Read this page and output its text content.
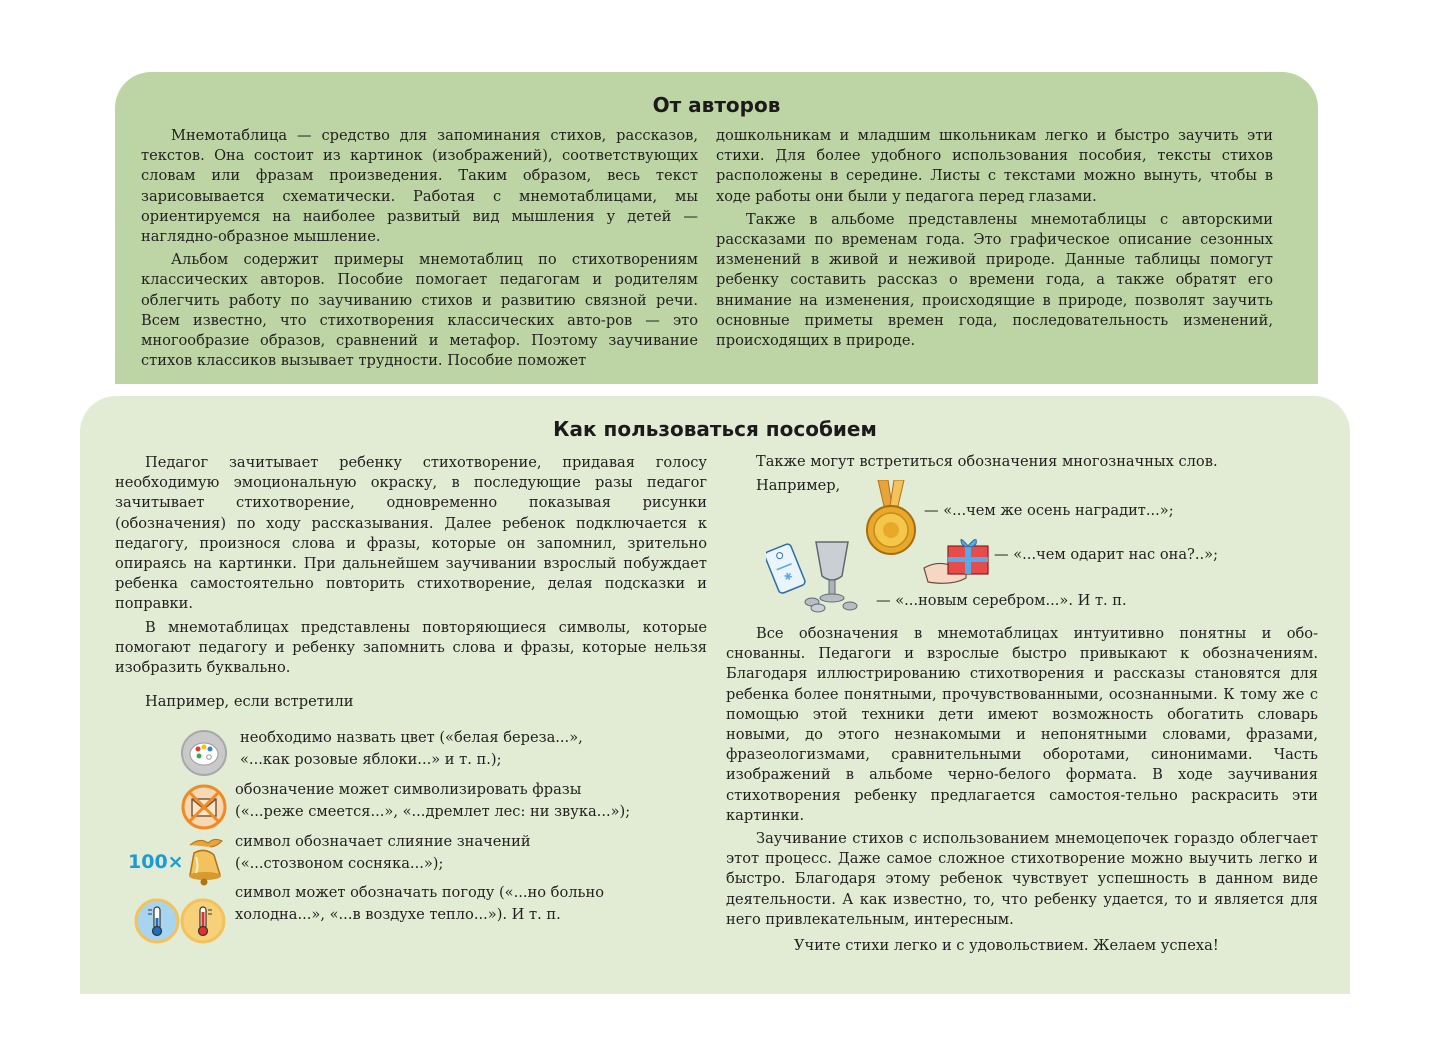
От авторов

Мнемотаблица — средство для запоминания стихов, рассказов, текстов. Она состоит из картинок (изображений), соответствующих словам или фразам произведения. Таким образом, весь текст зарисовывается схематически. Работая с мнемотаблицами, мы ориентируемся на наиболее развитый вид мышления у детей — наглядно-образное мышление.

Альбом содержит примеры мнемотаблиц по стихотворениям классических авторов. Пособие помогает педагогам и родителям облегчить работу по заучиванию стихов и развитию связной речи. Всем известно, что стихотворения классических авто-ров — это многообразие образов, сравнений и метафор. Поэтому заучивание стихов классиков вызывает трудности. Пособие поможет

дошкольникам и младшим школьникам легко и быстро заучить эти стихи. Для более удобного использования пособия, тексты стихов расположены в середине. Листы с текстами можно вынуть, чтобы в ходе работы они были у педагога перед глазами.

Также в альбоме представлены мнемотаблицы с авторскими рассказами по временам года. Это графическое описание сезонных изменений в живой и неживой природе. Данные таблицы помогут ребенку составить рассказ о времени года, а также обратят его внимание на изменения, происходящие в природе, позволят заучить основные приметы времен года, последовательность изменений, происходящих в природе.

Как пользоваться пособием

Педагог зачитывает ребенку стихотворение, придавая голосу необходимую эмоциональную окраску, в последующие разы педагог зачитывает стихотворение, одновременно показывая рисунки (обозначения) по ходу рассказывания. Далее ребенок подключается к педагогу, произнося слова и фразы, которые он запомнил, зрительно опираясь на картинки. При дальнейшем заучивании взрослый побуждает ребенка самостоятельно повторить стихотворение, делая подсказки и поправки.

В мнемотаблицах представлены повторяющиеся символы, которые помогают педагогу и ребенку запомнить слова и фразы, которые нельзя изобразить буквально.

Например, если встретили
необходимо назвать цвет («белая береза...»,
«...как розовые яблоки...» и т. п.);
обозначение может символизировать фразы
(«...реже смеется...», «...дремлет лес: ни звука...»);
100×
символ обозначает слияние значений
(«...стозвоном сосняка...»);
символ может обозначать погоду («...но больно
холодна...», «...в воздухе тепло...»). И т. п.
Также могут встретиться обозначения многозначных слов.
Например,
— «...чем же осень наградит...»;
— «...чем одарит нас она?..»;
✱
— «...новым серебром...». И т. п.

Все обозначения в мнемотаблицах интуитивно понятны и обо-снованны. Педагоги и взрослые быстро привыкают к обозначениям. Благодаря иллюстрированию стихотворения и рассказы становятся для ребенка более понятными, прочувствованными, осознанными. К тому же с помощью этой техники дети имеют возможность обогатить словарь новыми, до этого незнакомыми и непонятными словами, фразами, фразеологизмами, сравнительными оборотами, синонимами. Часть изображений в альбоме черно-белого формата. В ходе заучивания стихотворения ребенку предлагается самостоя-тельно раскрасить эти картинки.

Заучивание стихов с использованием мнемоцепочек гораздо облегчает этот процесс. Даже самое сложное стихотворение можно выучить легко и быстро. Благодаря этому ребенок чувствует успешность в данном виде деятельности. А как известно, то, что ребенку удается, то и является для него привлекательным, интересным.

Учите стихи легко и с удовольствием. Желаем успеха!
